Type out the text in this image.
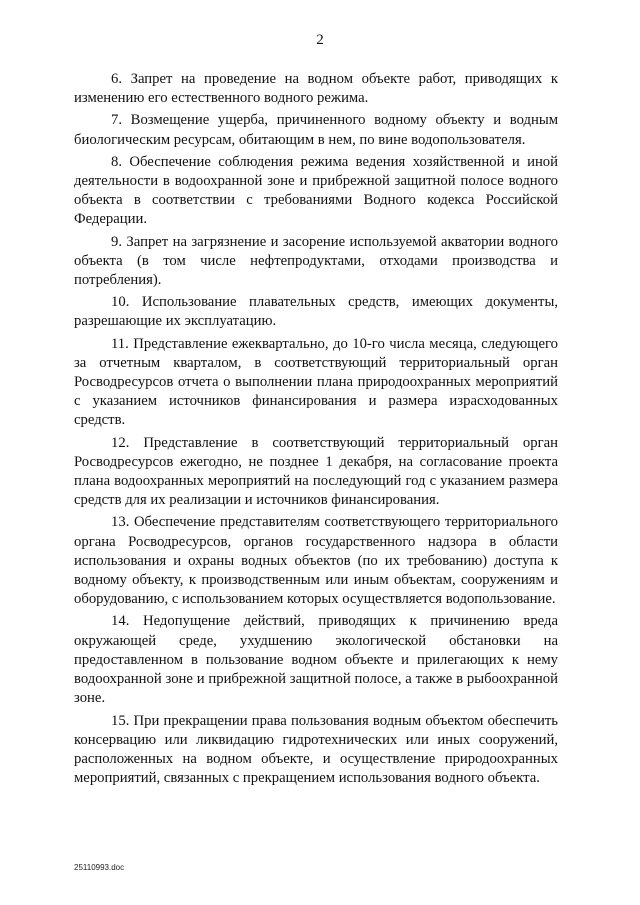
2

6. Запрет на проведение на водном объекте работ, приводящих к изменению его естественного водного режима.

7. Возмещение ущерба, причиненного водному объекту и водным биологическим ресурсам, обитающим в нем, по вине водопользователя.

8. Обеспечение соблюдения режима ведения хозяйственной и иной деятельности в водоохранной зоне и прибрежной защитной полосе водного объекта в соответствии с требованиями Водного кодекса Российской Федерации.

9. Запрет на загрязнение и засорение используемой акватории водного объекта (в том числе нефтепродуктами, отходами производства и потребления).

10. Использование плавательных средств, имеющих документы, разрешающие их эксплуатацию.

11. Представление ежеквартально, до 10-го числа месяца, следующего за отчетным кварталом, в соответствующий территориальный орган Росводресурсов отчета о выполнении плана природоохранных мероприятий с указанием источников финансирования и размера израсходованных средств.

12. Представление в соответствующий территориальный орган Росводресурсов ежегодно, не позднее 1 декабря, на согласование проекта плана водоохранных мероприятий на последующий год с указанием размера средств для их реализации и источников финансирования.

13. Обеспечение представителям соответствующего территориального органа Росводресурсов, органов государственного надзора в области использования и охраны водных объектов (по их требованию) доступа к водному объекту, к производственным или иным объектам, сооружениям и оборудованию, с использованием которых осуществляется водопользование.

14. Недопущение действий, приводящих к причинению вреда окружающей среде, ухудшению экологической обстановки на предоставленном в пользование водном объекте и прилегающих к нему водоохранной зоне и прибрежной защитной полосе, а также в рыбоохранной зоне.

15. При прекращении права пользования водным объектом обеспечить консервацию или ликвидацию гидротехнических или иных сооружений, расположенных на водном объекте, и осуществление природоохранных мероприятий, связанных с прекращением использования водного объекта.

25110993.doc
